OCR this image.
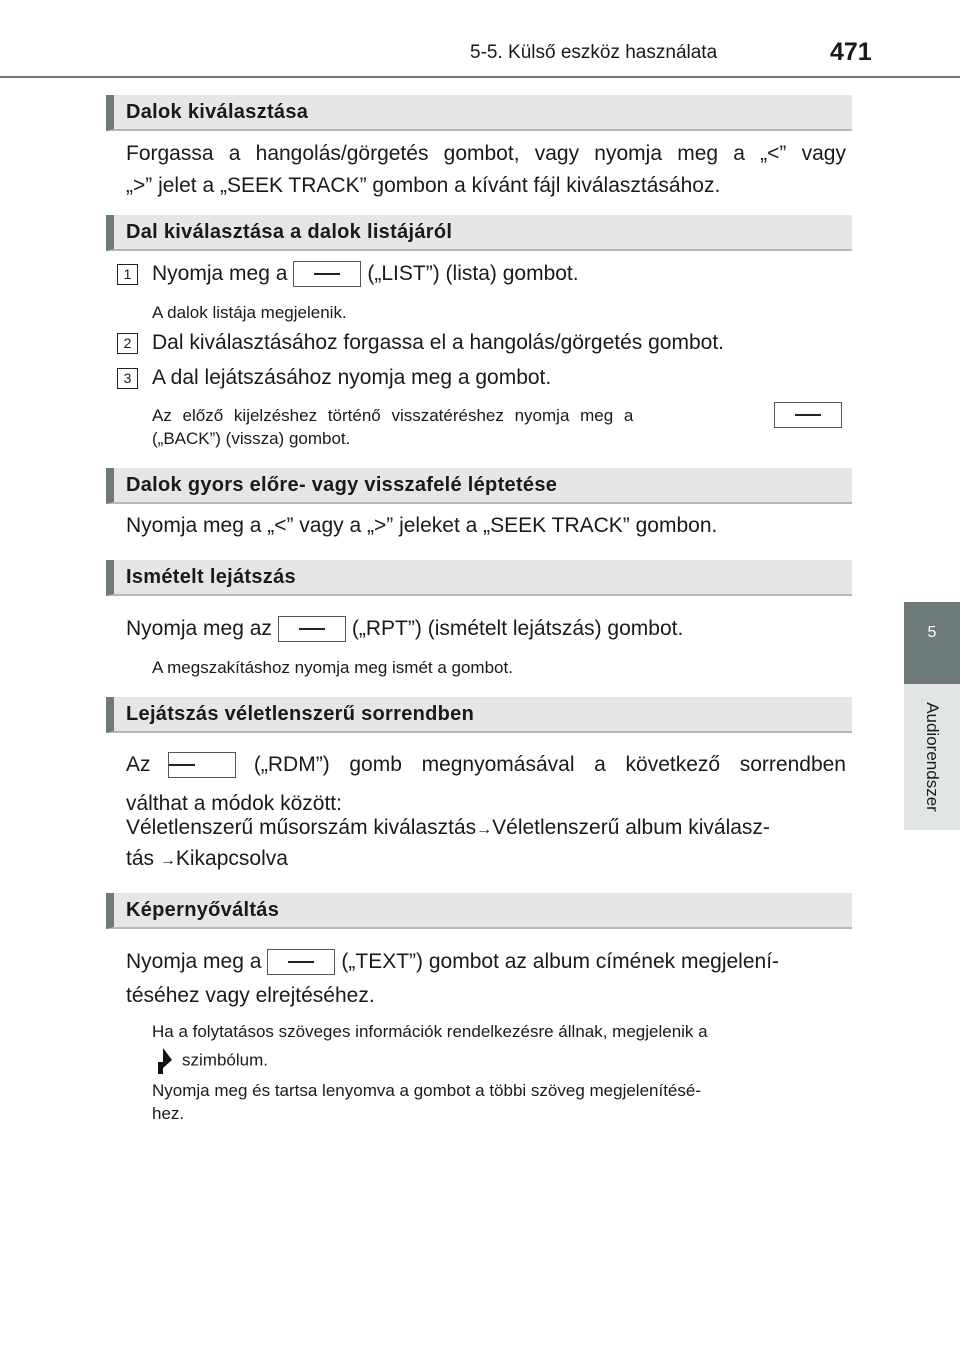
5-5. Külső eszköz használata	471
5
Audiorendszer
Dalok kiválasztása
Forgassa a hangolás/görgetés gombot, vagy nyomja meg a „<” vagy
„>” jelet a „SEEK TRACK” gombon a kívánt fájl kiválasztásához.
Dal kiválasztása a dalok listájáról
1 Nyomja meg a	(„LIST”) (lista) gombot.
A dalok listája megjelenik.
2 Dal kiválasztásához forgassa el a hangolás/görgetés gombot.
3 A dal lejátszásához nyomja meg a gombot.
Az előző kijelzéshez történő visszatéréshez nyomja meg a
(„BACK”) (vissza) gombot.
Dalok gyors előre- vagy visszafelé léptetése
Nyomja meg a „<” vagy a „>” jeleket a „SEEK TRACK” gombon.
Ismételt lejátszás
Nyomja meg az	(„RPT”) (ismételt lejátszás) gombot.
A megszakításhoz nyomja meg ismét a gombot.
Lejátszás véletlenszerű sorrendben
Az	(„RDM”) gomb megnyomásával a következő sorrendben
válthat a módok között:
Véletlenszerű műsorszám kiválasztás→Véletlenszerű album kiválasz-
tás →Kikapcsolva
Képernyőváltás
Nyomja meg a	(„TEXT”) gombot az album címének megjelení-
téséhez vagy elrejtéséhez.
Ha a folytatásos szöveges információk rendelkezésre állnak, megjelenik a
szimbólum.
Nyomja meg és tartsa lenyomva a gombot a többi szöveg megjelenítésé-
hez.
